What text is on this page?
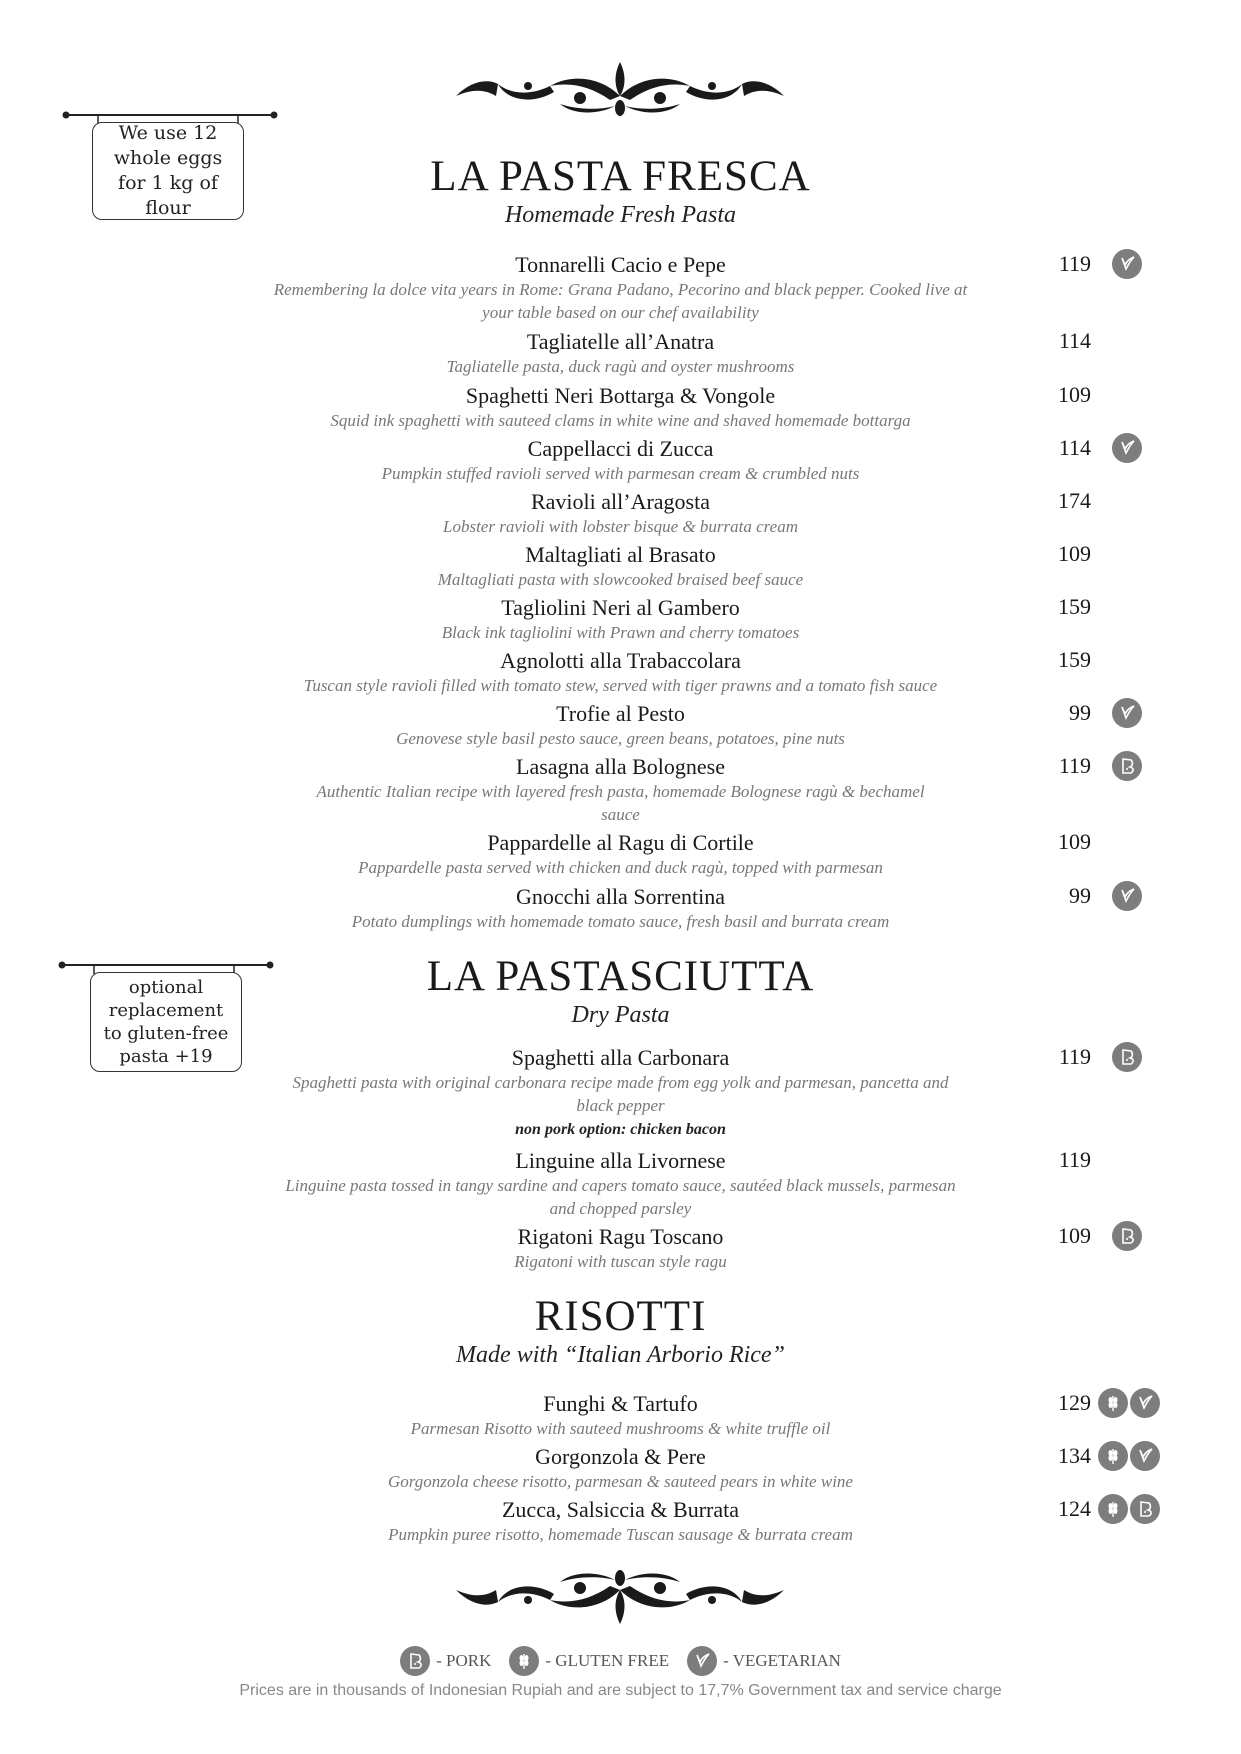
We use 12 whole eggs for 1 kg of flour
optional replacement to gluten-free pasta +19
LA PASTA FRESCA
Homemade Fresh Pasta
Tonnarelli Cacio e Pepe
Remembering la dolce vita years in Rome: Grana Padano, Pecorino and black pepper. Cooked live at your table based on our chef availability
119
Tagliatelle all’Anatra
Tagliatelle pasta, duck ragù and oyster mushrooms
114
Spaghetti Neri Bottarga & Vongole
Squid ink spaghetti with sauteed clams in white wine and shaved homemade bottarga
109
Cappellacci di Zucca
Pumpkin stuffed ravioli served with parmesan cream & crumbled nuts
114
Ravioli all’Aragosta
Lobster ravioli with lobster bisque & burrata cream
174
Maltagliati al Brasato
Maltagliati pasta with slowcooked braised beef sauce
109
Tagliolini Neri al Gambero
Black ink tagliolini with Prawn and cherry tomatoes
159
Agnolotti alla Trabaccolara
Tuscan style ravioli filled with tomato stew, served with tiger prawns and a tomato fish sauce
159
Trofie al Pesto
Genovese style basil pesto sauce, green beans, potatoes, pine nuts
99
Lasagna alla Bolognese
Authentic Italian recipe with layered fresh pasta, homemade Bolognese ragù & bechamel sauce
119
Pappardelle al Ragu di Cortile
Pappardelle pasta served with chicken and duck ragù, topped with parmesan
109
Gnocchi alla Sorrentina
Potato dumplings with homemade tomato sauce, fresh basil and burrata cream
99
LA PASTASCIUTTA
Dry Pasta
Spaghetti alla Carbonara
Spaghetti pasta with original carbonara recipe made from egg yolk and parmesan, pancetta and black pepper
non pork option: chicken bacon
119
Linguine alla Livornese
Linguine pasta tossed in tangy sardine and capers tomato sauce, sautéed black mussels, parmesan and chopped parsley
119
Rigatoni Ragu Toscano
Rigatoni with tuscan style ragu
109
RISOTTI
Made with “Italian Arborio Rice”
Funghi & Tartufo
Parmesan Risotto with sauteed mushrooms & white truffle oil
129
Gorgonzola & Pere
Gorgonzola cheese risotto, parmesan & sauteed pears in white wine
134
Zucca, Salsiccia & Burrata
Pumpkin puree risotto, homemade Tuscan sausage & burrata cream
124
- PORK	- GLUTEN FREE	- VEGETARIAN
Prices are in thousands of Indonesian Rupiah and are subject to 17,7% Government tax and service charge
